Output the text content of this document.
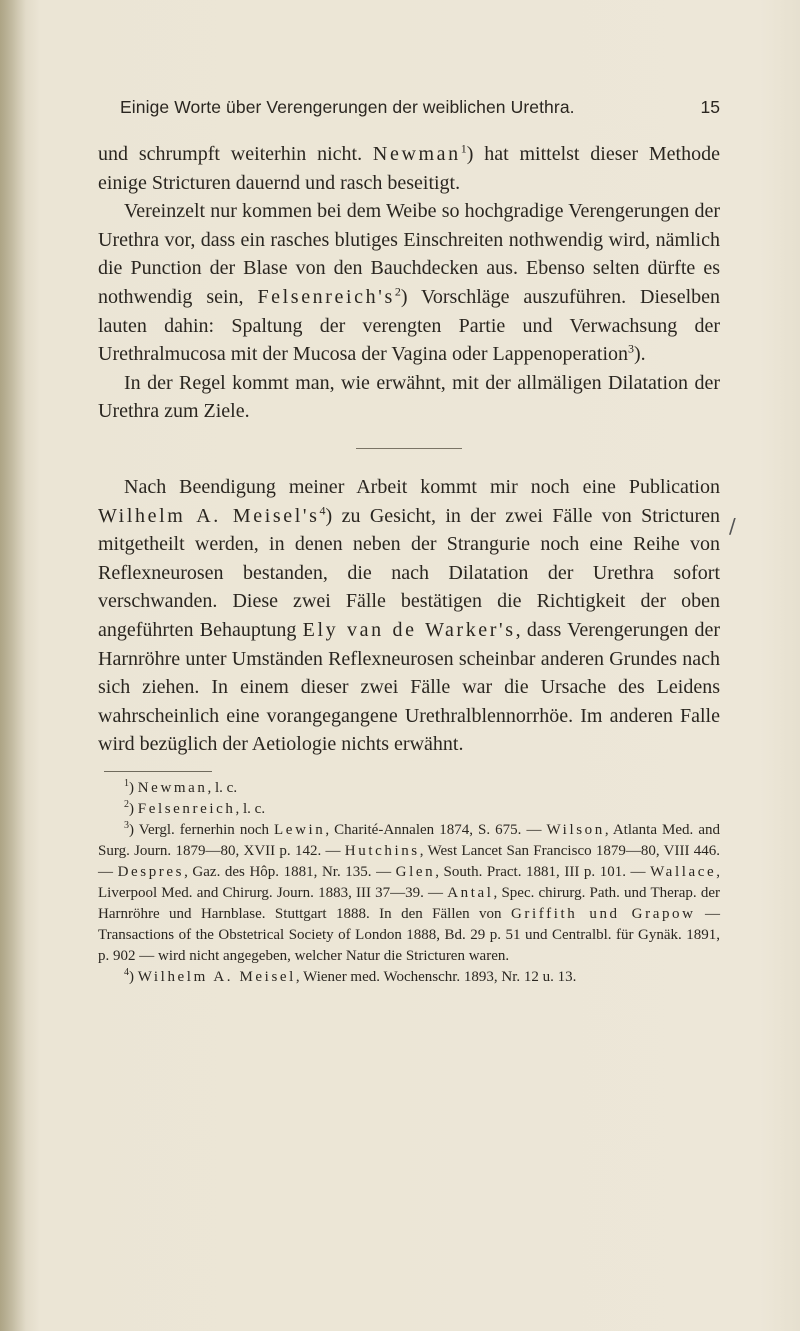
Einige Worte über Verengerungen der weiblichen Urethra.	15
/

und schrumpft weiterhin nicht. Newman$^1$) hat mittelst dieser Methode einige Stricturen dauernd und rasch beseitigt.

Vereinzelt nur kommen bei dem Weibe so hochgradige Verengerungen der Urethra vor, dass ein rasches blutiges Einschreiten nothwendig wird, nämlich die Punction der Blase von den Bauchdecken aus. Ebenso selten dürfte es nothwendig sein, $Felsenreich's^2$) Vorschläge auszuführen. Dieselben lauten dahin: Spaltung der verengten Partie und Verwachsung der Urethralmucosa mit der Mucosa der Vagina oder Lappenoperation$^3$).

In der Regel kommt man, wie erwähnt, mit der allmäligen Dilatation der Urethra zum Ziele.

Nach Beendigung meiner Arbeit kommt mir noch eine Publication Wilhelm A. $Meisel's^4$) zu Gesicht, in der zwei Fälle von Stricturen mitgetheilt werden, in denen neben der Strangurie noch eine Reihe von Reflexneurosen bestanden, die nach Dilatation der Urethra sofort verschwanden. Diese zwei Fälle bestätigen die Richtigkeit der oben angeführten Behauptung Ely van de Warker's, dass Verengerungen der Harnröhre unter Umständen Reflexneurosen scheinbar anderen Grundes nach sich ziehen. In einem dieser zwei Fälle war die Ursache des Leidens wahrscheinlich eine vorangegangene Urethralblennorrhöe. Im anderen Falle wird bezüglich der Aetiologie nichts erwähnt.

$^1$) Newman, l. c.

$^2$) Felsenreich, l. c.

$^3$) Vergl. fernerhin noch Lewin, Charité-Annalen 1874, S. 675. — Wilson, Atlanta Med. and Surg. Journ. 1879—80, XVII p. 142. — Hutchins, West Lancet San Francisco 1879—80, VIII 446. — Despres, Gaz. des Hôp. 1881, Nr. 135. — Glen, South. Pract. 1881, III p. 101. — Wallace, Liverpool Med. and Chirurg. Journ. 1883, III 37—39. — Antal, Spec. chirurg. Path. und Therap. der Harnröhre und Harnblase. Stuttgart 1888. In den Fällen von Griffith und Grapow — Transactions of the Obstetrical Society of London 1888, Bd. 29 p. 51 und Centralbl. für Gynäk. 1891, p. 902 — wird nicht angegeben, welcher Natur die Stricturen waren.

$^4$) Wilhelm A. Meisel, Wiener med. Wochenschr. 1893, Nr. 12 u. 13.
